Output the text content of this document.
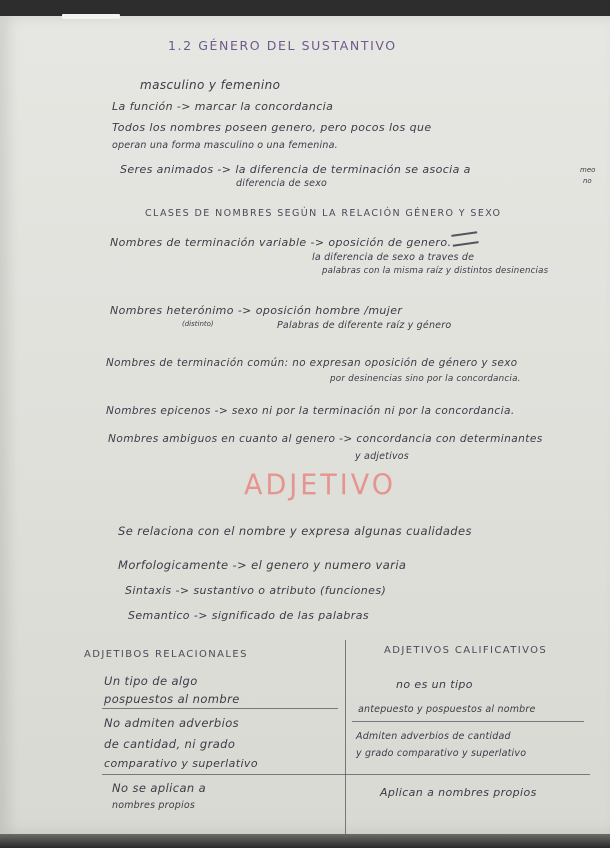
1.2 GÉNERO DEL SUSTANTIVO
masculino y femenino
La función -> marcar la concordancia
Todos los nombres poseen genero, pero pocos los que
operan una forma masculino o una femenina.
Seres animados -> la diferencia de terminación se asocia a
diferencia de sexo
meo
no
CLASES DE NOMBRES SEGÚN LA RELACIÓN GÉNERO Y SEXO
Nombres de terminación variable -> oposición de genero.
la diferencia de sexo a traves de
palabras con la misma raíz y distintos desinencias
Nombres heterónimo -> oposición hombre /mujer
(distinto)	Palabras de diferente raíz y género
Nombres de terminación común: no expresan oposición de género y sexo
por desinencias sino por la concordancia.
Nombres epicenos -> sexo ni por la terminación ni por la concordancia.
Nombres ambiguos en cuanto al genero -> concordancia con determinantes
y adjetivos
ADJETIVO
Se relaciona con el nombre y expresa algunas cualidades
Morfologicamente -> el genero y numero varia
Sintaxis -> sustantivo o atributo (funciones)
Semantico -> significado de las palabras
ADJETIBOS RELACIONALES	ADJETIVOS CALIFICATIVOS
Un tipo de algo
pospuestos al nombre
No admiten adverbios
de cantidad, ni grado
comparativo y superlativo
No se aplican a
nombres propios
no es un tipo
antepuesto y pospuestos al nombre
Admiten adverbios de cantidad
y grado comparativo y superlativo
Aplican a nombres propios
